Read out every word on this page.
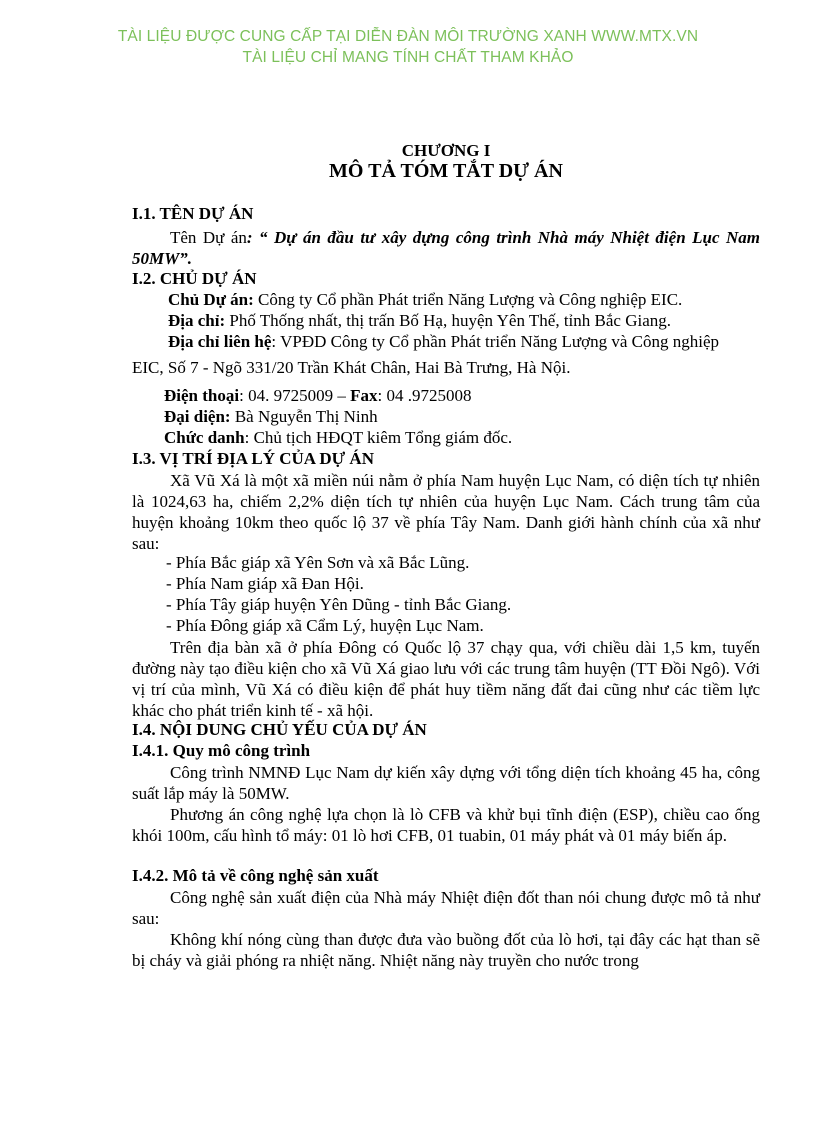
TÀI LIỆU ĐƯỢC CUNG CẤP TẠI DIỄN ĐÀN MÔI TRƯỜNG XANH WWW.MTX.VN
TÀI LIỆU CHỈ MANG TÍNH CHẤT THAM KHẢO
CHƯƠNG I
MÔ TẢ TÓM TẮT DỰ ÁN
I.1. TÊN DỰ ÁN
Tên Dự án: “ Dự án đầu tư xây dựng công trình Nhà máy Nhiệt điện Lục Nam 50MW”.
I.2. CHỦ DỰ ÁN
Chủ Dự án: Công ty Cổ phần Phát triển Năng Lượng và Công nghiệp EIC.
Địa chỉ: Phố Thống nhất, thị trấn Bố Hạ, huyện Yên Thế, tỉnh Bắc Giang.
Địa chỉ liên hệ: VPĐD Công ty Cổ phần Phát triển Năng Lượng và Công nghiệp
EIC, Số 7 - Ngõ 331/20 Trần Khát Chân, Hai Bà Trưng, Hà Nội.
Điện thoại: 04. 9725009 – Fax: 04 .9725008
Đại diện: Bà Nguyễn Thị Ninh
Chức danh: Chủ tịch HĐQT kiêm Tổng giám đốc.
I.3. VỊ TRÍ ĐỊA LÝ CỦA DỰ ÁN
Xã Vũ Xá là một xã miền núi nằm ở phía Nam huyện Lục Nam, có diện tích tự nhiên là 1024,63 ha, chiếm 2,2% diện tích tự nhiên của huyện Lục Nam. Cách trung tâm của huyện khoảng 10km theo quốc lộ 37 về phía Tây Nam. Danh giới hành chính của xã như sau:
- Phía Bắc giáp xã Yên Sơn và xã Bắc Lũng.
- Phía Nam giáp xã Đan Hội.
- Phía Tây giáp huyện Yên Dũng - tỉnh Bắc Giang.
- Phía Đông giáp xã Cẩm Lý, huyện Lục Nam.
Trên địa bàn xã ở phía Đông có Quốc lộ 37 chạy qua, với chiều dài 1,5 km, tuyến đường này tạo điều kiện cho xã Vũ Xá giao lưu với các trung tâm huyện (TT Đồi Ngô). Với vị trí của mình, Vũ Xá có điều kiện để phát huy tiềm năng đất đai cũng như các tiềm lực khác cho phát triển kinh tế - xã hội.
I.4. NỘI DUNG CHỦ YẾU CỦA DỰ ÁN
I.4.1. Quy mô công trình
Công trình NMNĐ Lục Nam dự kiến xây dựng với tổng diện tích khoảng 45 ha, công suất lắp máy là 50MW.
Phương án công nghệ lựa chọn là lò CFB và khử bụi tĩnh điện (ESP), chiều cao ống khói 100m, cấu hình tổ máy: 01 lò hơi CFB, 01 tuabin, 01 máy phát và 01 máy biến áp.
I.4.2. Mô tả về công nghệ sản xuất
Công nghệ sản xuất điện của Nhà máy Nhiệt điện đốt than nói chung được mô tả như sau:
Không khí nóng cùng than được đưa vào buồng đốt của lò hơi, tại đây các hạt than sẽ bị cháy và giải phóng ra nhiệt năng. Nhiệt năng này truyền cho nước trong
